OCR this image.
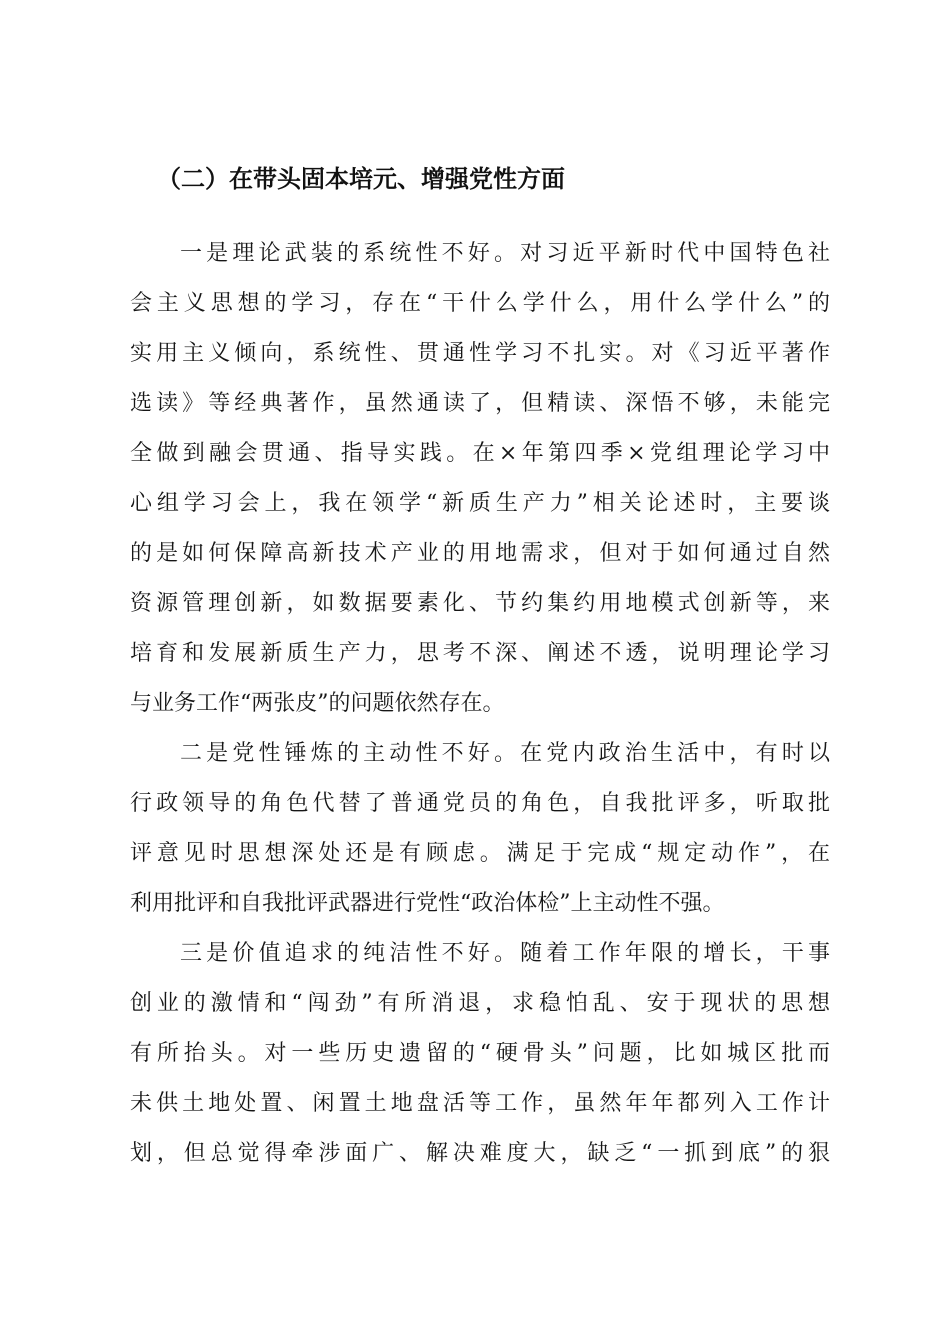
（二）在带头固本培元、增强党性方面

一是理论武装的系统性不好。对习近平新时代中国特色社

会主义思想的学习，存在“干什么学什么，用什么学什么”的

实用主义倾向，系统性、贯通性学习不扎实。对《习近平著作

选读》等经典著作，虽然通读了，但精读、深悟不够，未能完

全做到融会贯通、指导实践。在×年第四季×党组理论学习中

心组学习会上，我在领学“新质生产力”相关论述时，主要谈

的是如何保障高新技术产业的用地需求，但对于如何通过自然

资源管理创新，如数据要素化、节约集约用地模式创新等，来

培育和发展新质生产力，思考不深、阐述不透，说明理论学习

与业务工作“两张皮”的问题依然存在。

二是党性锤炼的主动性不好。在党内政治生活中，有时以

行政领导的角色代替了普通党员的角色，自我批评多，听取批

评意见时思想深处还是有顾虑。满足于完成“规定动作”，在

利用批评和自我批评武器进行党性“政治体检”上主动性不强。

三是价值追求的纯洁性不好。随着工作年限的增长，干事

创业的激情和“闯劲”有所消退，求稳怕乱、安于现状的思想

有所抬头。对一些历史遗留的“硬骨头”问题，比如城区批而

未供土地处置、闲置土地盘活等工作，虽然年年都列入工作计

划，但总觉得牵涉面广、解决难度大，缺乏“一抓到底”的狠
